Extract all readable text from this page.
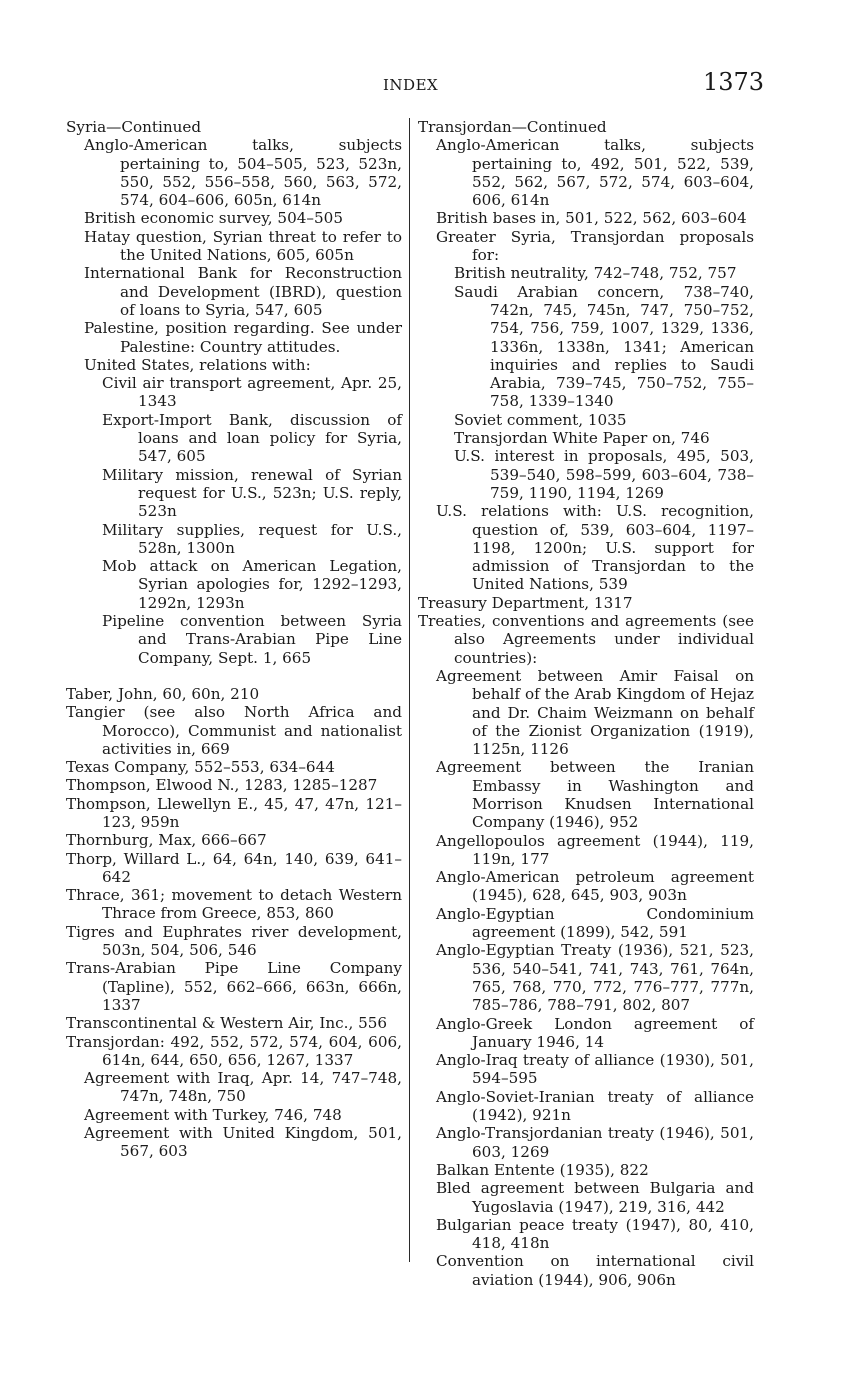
INDEX	1373

Syria—Continued

Anglo-American talks, subjects pertaining to, 504–505, 523, 523n, 550, 552, 556–558, 560, 563, 572, 574, 604–606, 605n, 614n

British economic survey, 504–505

Hatay question, Syrian threat to refer to the United Nations, 605, 605n

International Bank for Reconstruction and Development (IBRD), question of loans to Syria, 547, 605

Palestine, position regarding. See under Palestine: Country attitudes.

United States, relations with:

Civil air transport agreement, Apr. 25, 1343

Export-Import Bank, discussion of loans and loan policy for Syria, 547, 605

Military mission, renewal of Syrian request for U.S., 523n; U.S. reply, 523n

Military supplies, request for U.S., 528n, 1300n

Mob attack on American Legation, Syrian apologies for, 1292–1293, 1292n, 1293n

Pipeline convention between Syria and Trans-Arabian Pipe Line Company, Sept. 1, 665

Taber, John, 60, 60n, 210

Tangier (see also North Africa and Morocco), Communist and nationalist activities in, 669

Texas Company, 552–553, 634–644

Thompson, Elwood N., 1283, 1285–1287

Thompson, Llewellyn E., 45, 47, 47n, 121–123, 959n

Thornburg, Max, 666–667

Thorp, Willard L., 64, 64n, 140, 639, 641–642

Thrace, 361; movement to detach Western Thrace from Greece, 853, 860

Tigres and Euphrates river development, 503n, 504, 506, 546

Trans-Arabian Pipe Line Company (Tapline), 552, 662–666, 663n, 666n, 1337

Transcontinental & Western Air, Inc., 556

Transjordan: 492, 552, 572, 574, 604, 606, 614n, 644, 650, 656, 1267, 1337

Agreement with Iraq, Apr. 14, 747–748, 747n, 748n, 750

Agreement with Turkey, 746, 748

Agreement with United Kingdom, 501, 567, 603

Transjordan—Continued

Anglo-American talks, subjects pertaining to, 492, 501, 522, 539, 552, 562, 567, 572, 574, 603–604, 606, 614n

British bases in, 501, 522, 562, 603–604

Greater Syria, Transjordan proposals for:

British neutrality, 742–748, 752, 757

Saudi Arabian concern, 738–740, 742n, 745, 745n, 747, 750–752, 754, 756, 759, 1007, 1329, 1336, 1336n, 1338n, 1341; American inquiries and replies to Saudi Arabia, 739–745, 750–752, 755–758, 1339–1340

Soviet comment, 1035

Transjordan White Paper on, 746

U.S. interest in proposals, 495, 503, 539–540, 598–599, 603–604, 738–759, 1190, 1194, 1269

U.S. relations with: U.S. recognition, question of, 539, 603–604, 1197–1198, 1200n; U.S. support for admission of Transjordan to the United Nations, 539

Treasury Department, 1317

Treaties, conventions and agreements (see also Agreements under individual countries):

Agreement between Amir Faisal on behalf of the Arab Kingdom of Hejaz and Dr. Chaim Weizmann on behalf of the Zionist Organization (1919), 1125n, 1126

Agreement between the Iranian Embassy in Washington and Morrison Knudsen International Company (1946), 952

Angellopoulos agreement (1944), 119, 119n, 177

Anglo-American petroleum agreement (1945), 628, 645, 903, 903n

Anglo-Egyptian Condominium agreement (1899), 542, 591

Anglo-Egyptian Treaty (1936), 521, 523, 536, 540–541, 741, 743, 761, 764n, 765, 768, 770, 772, 776–777, 777n, 785–786, 788–791, 802, 807

Anglo-Greek London agreement of January 1946, 14

Anglo-Iraq treaty of alliance (1930), 501, 594–595

Anglo-Soviet-Iranian treaty of alliance (1942), 921n

Anglo-Transjordanian treaty (1946), 501, 603, 1269

Balkan Entente (1935), 822

Bled agreement between Bulgaria and Yugoslavia (1947), 219, 316, 442

Bulgarian peace treaty (1947), 80, 410, 418, 418n

Convention on international civil aviation (1944), 906, 906n
